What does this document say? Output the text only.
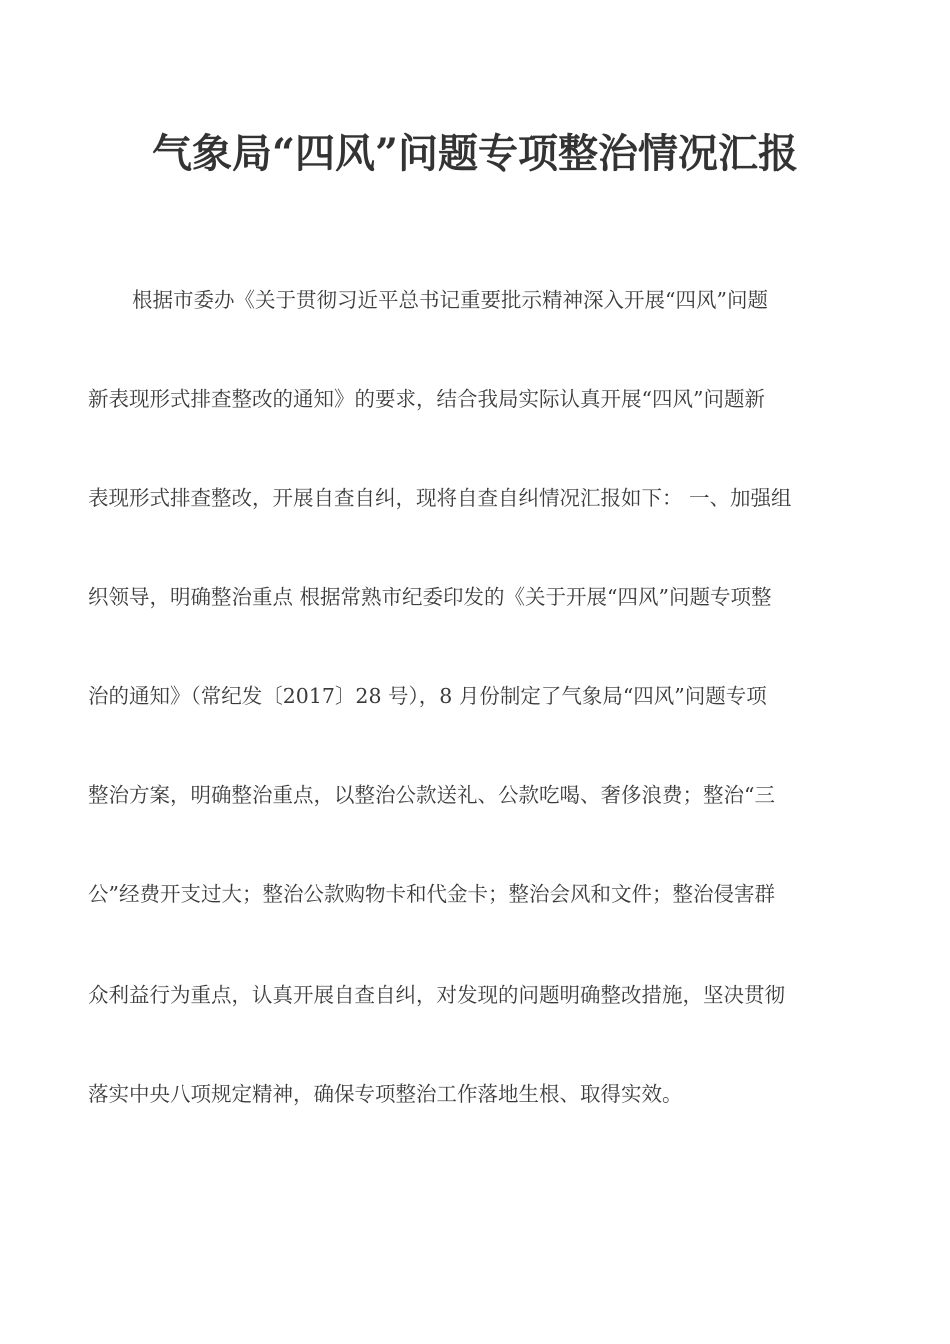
气象局“四风”问题专项整治情况汇报
根据市委办《关于贯彻习近平总书记重要批示精神深入开展“四风”问题
新表现形式排查整改的通知》的要求，结合我局实际认真开展“四风”问题新
表现形式排查整改，开展自查自纠，现将自查自纠情况汇报如下： 一、加强组
织领导，明确整治重点 根据常熟市纪委印发的《关于开展“四风”问题专项整
治的通知》（常纪发〔2017〕28 号），8 月份制定了气象局“四风”问题专项
整治方案，明确整治重点，以整治公款送礼、公款吃喝、奢侈浪费；整治“三
公”经费开支过大；整治公款购物卡和代金卡；整治会风和文件；整治侵害群
众利益行为重点，认真开展自查自纠，对发现的问题明确整改措施，坚决贯彻
落实中央八项规定精神，确保专项整治工作落地生根、取得实效。
